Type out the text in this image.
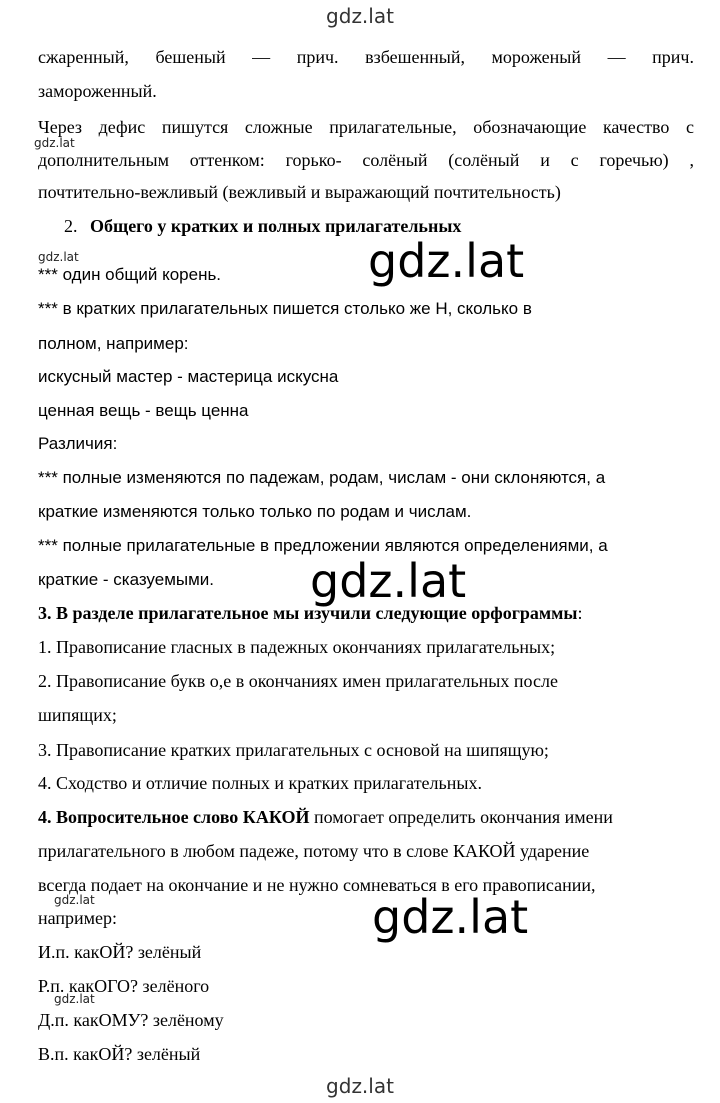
gdz.lat
сжаренный, бешеный — прич. взбешенный, мороженый — прич.
замороженный.
Через дефис пишутся сложные прилагательные, обозначающие качество с
gdz.lat
дополнительным оттенком: горько- солёный (солёный и с горечью) ,
почтительно-вежливый (вежливый и выражающий почтительность)
2. Общего у кратких и полных прилагательных
gdz.lat	gdz.lat
*** один общий корень.
*** в кратких прилагательных пишется столько же Н, сколько в
полном, например:
искусный мастер - мастерица искусна
ценная вещь - вещь ценна
Различия:
*** полные изменяются по падежам, родам, числам - они склоняются, а
краткие изменяются только только по родам и числам.
*** полные прилагательные в предложении являются определениями, а
краткие - сказуемыми. gdz.lat
3. В разделе прилагательное мы изучили следующие орфограммы:
1. Правописание гласных в падежных окончаниях прилагательных;
2. Правописание букв о,е в окончаниях имен прилагательных после
шипящих;
3. Правописание кратких прилагательных с основой на шипящую;
4. Сходство и отличие полных и кратких прилагательных.
4. Вопросительное слово КАКОЙ помогает определить окончания имени
прилагательного в любом падеже, потому что в слове КАКОЙ ударение
всегда подает на окончание и не нужно сомневаться в его правописании,
gdz.lat
например:	gdz.lat
И.п. какОЙ? зелёный
Р.п. какОГО? зелёного
gdz.lat
Д.п. какОМУ? зелёному
В.п. какОЙ? зелёный
gdz.lat
